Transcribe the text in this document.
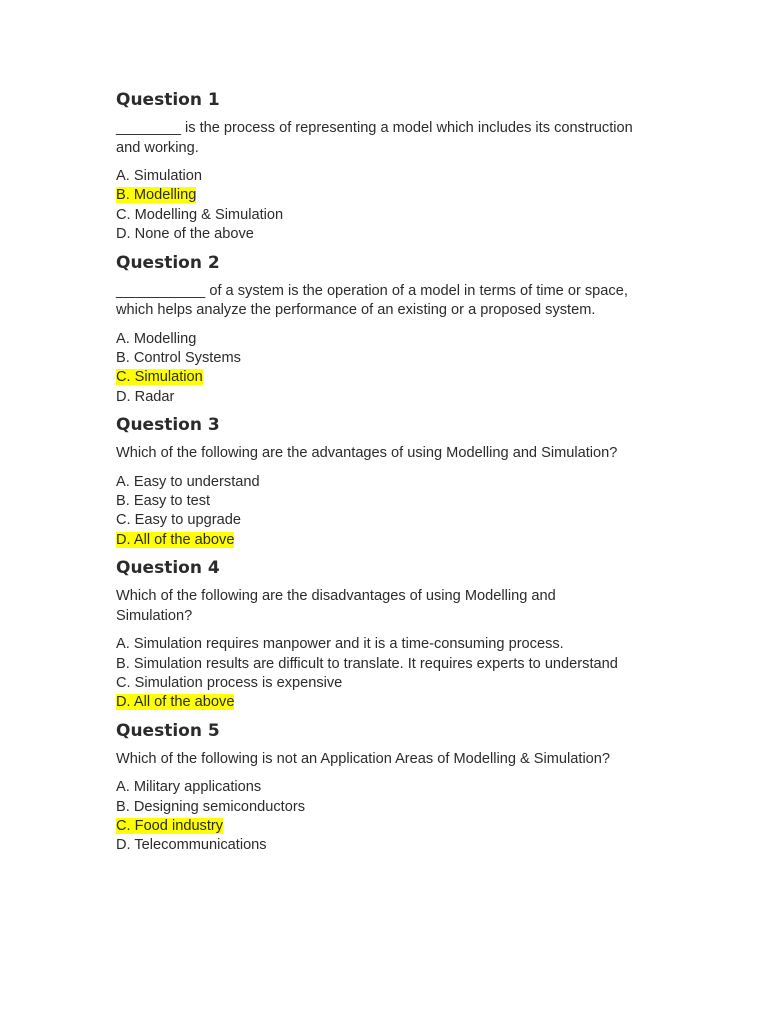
Question 1
________ is the process of representing a model which includes its construction and working.
A. Simulation
B. Modelling
C. Modelling & Simulation
D. None of the above
Question 2
___________ of a system is the operation of a model in terms of time or space, which helps analyze the performance of an existing or a proposed system.
A. Modelling
B. Control Systems
C. Simulation
D. Radar
Question 3
Which of the following are the advantages of using Modelling and Simulation?
A. Easy to understand
B. Easy to test
C. Easy to upgrade
D. All of the above
Question 4
Which of the following are the disadvantages of using Modelling and Simulation?
A. Simulation requires manpower and it is a time-consuming process.
B. Simulation results are difficult to translate. It requires experts to understand
C. Simulation process is expensive
D. All of the above
Question 5
Which of the following is not an Application Areas of Modelling & Simulation?
A. Military applications
B. Designing semiconductors
C. Food industry
D. Telecommunications
